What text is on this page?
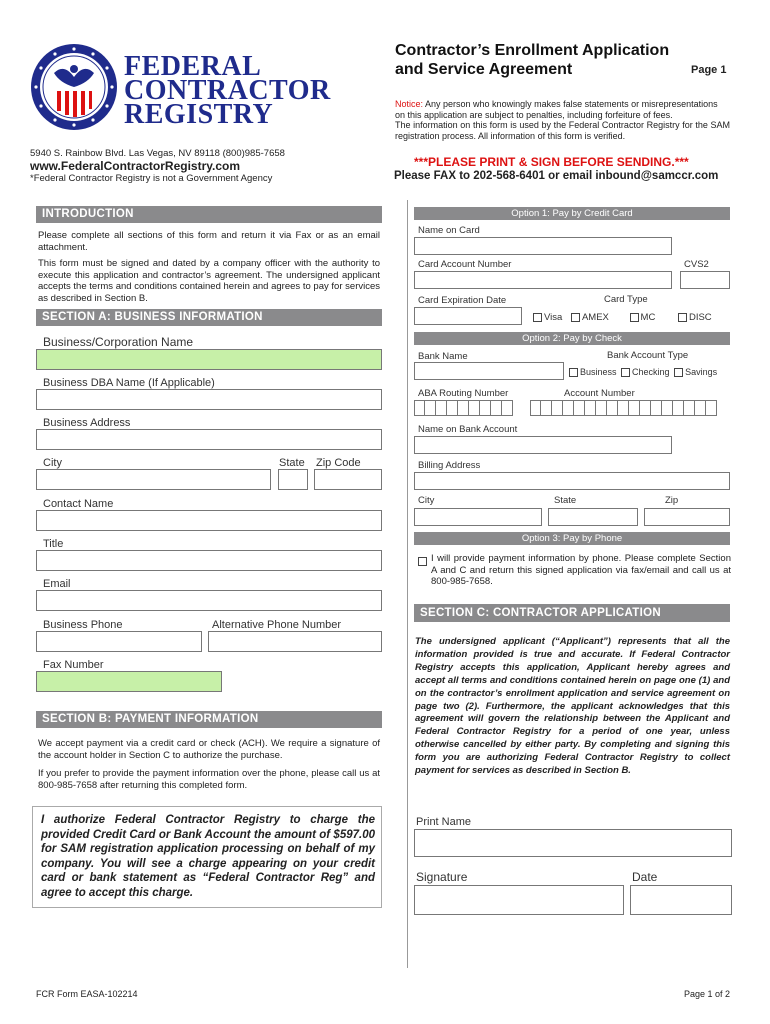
FEDERAL
CONTRACTOR
REGISTRY
Contractor’s Enrollment Application
and Service Agreement	Page 1
Notice: Any person who knowingly makes false statements or misrepresentations on this application are subject to penalties, including forfeiture of fees.
The information on this form is used by the Federal Contractor Registry for the SAM registration process. All information of this form is verified.
5940 S. Rainbow Blvd. Las Vegas, NV 89118 (800)985-7658
www.FederalContractorRegistry.com
*Federal Contractor Registry is not a Government Agency
***PLEASE PRINT & SIGN BEFORE SENDING.***
Please FAX to 202-568-6401 or email inbound@samccr.com
INTRODUCTION
Please complete all sections of this form and return it via Fax or as an email attachment.
This form must be signed and dated by a company officer with the authority to execute this application and contractor’s agreement. The undersigned applicant accepts the terms and conditions contained herein and agrees to pay for services as described in Section B.
SECTION A: BUSINESS INFORMATION
Business/Corporation Name
Business DBA Name (If Applicable)
Business Address
City	State Zip Code
Contact Name
Title
Email
Business Phone	Alternative Phone Number
Fax Number
SECTION B: PAYMENT INFORMATION
We accept payment via a credit card or check (ACH). We require a signature of the account holder in Section C to authorize the purchase.
If you prefer to provide the payment information over the phone, please call us at 800-985-7658 after returning this completed form.
I authorize Federal Contractor Registry to charge the provided Credit Card or Bank Account the amount of $597.00 for SAM registration application processing on behalf of my company. You will see a charge appearing on your credit card or bank statement as “Federal Contractor Reg” and agree to accept this charge.
Option 1: Pay by Credit Card
Name on Card
Card Account Number	CVS2
Card Expiration Date	Card Type
Visa AMEX	MC	DISC
Option 2: Pay by Check
Bank Name	Bank Account Type
Business Checking Savings
ABA Routing Number	Account Number
Name on Bank Account
Billing Address
City	State	Zip
Option 3: Pay by Phone
I will provide payment information by phone. Please complete Section A and C and return this signed application via fax/email and call us at 800-985-7658.
SECTION C: CONTRACTOR APPLICATION
The undersigned applicant (“Applicant”) represents that all the information provided is true and accurate. If Federal Contractor Registry accepts this application, Applicant hereby agrees and accept all terms and conditions contained herein on page one (1) and on the contractor’s enrollment application and service agreement on page two (2). Furthermore, the applicant acknowledges that this agreement will govern the relationship between the Applicant and Federal Contractor Registry for a period of one year, unless otherwise cancelled by either party. By completing and signing this form you are authorizing Federal Contractor Registry to collect payment for services as described in Section B.
Print Name
Signature	Date
FCR Form EASA-102214	Page 1 of 2
